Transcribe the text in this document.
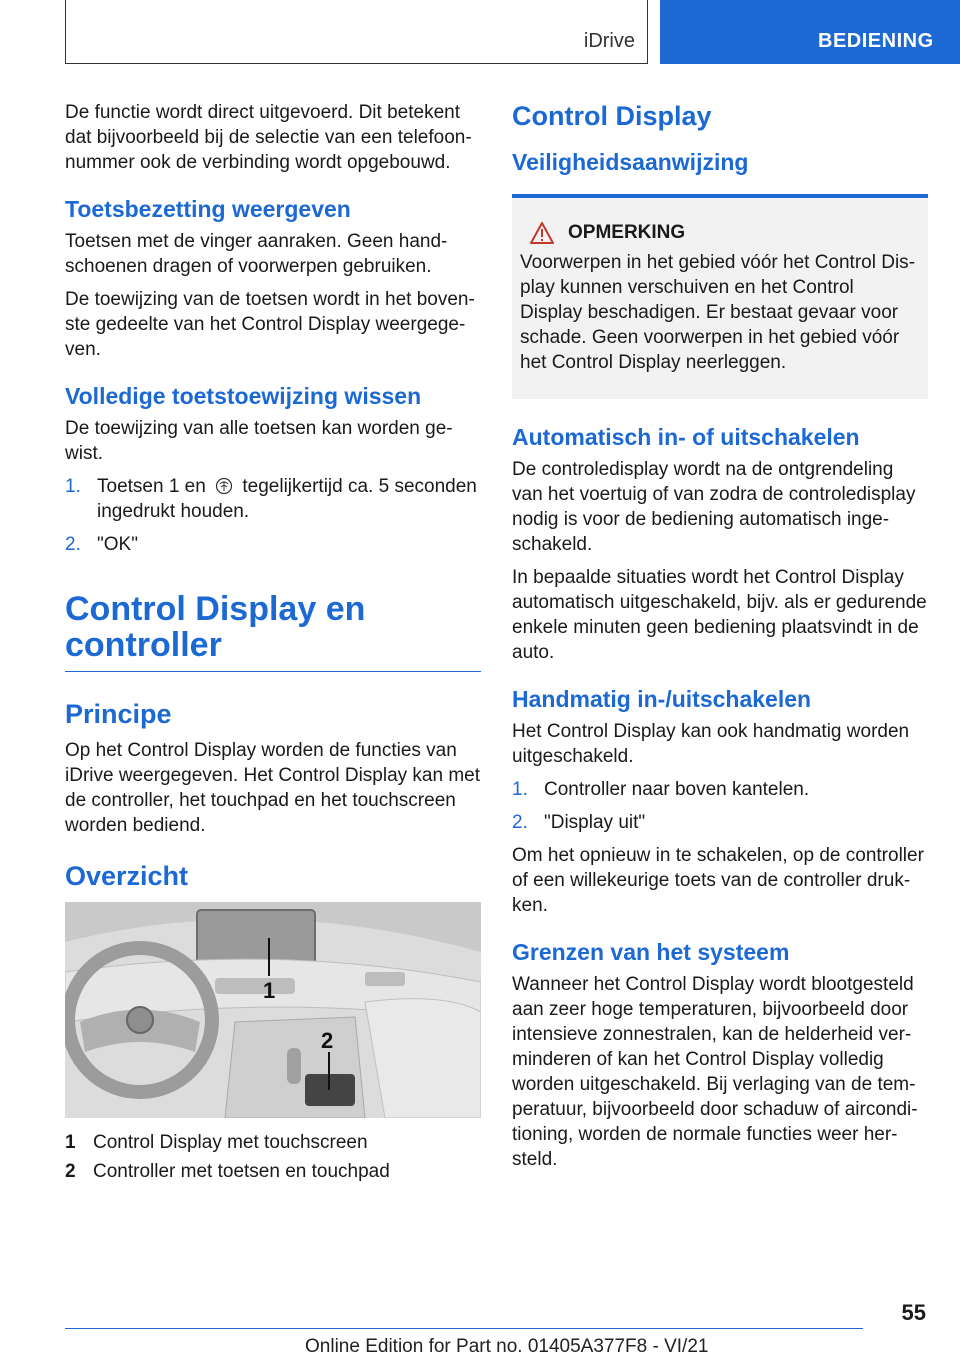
iDrive	BEDIENING

De functie wordt direct uitgevoerd. Dit betekent dat bijvoorbeeld bij de selectie van een telefoonnummer ook de verbinding wordt opgebouwd.

Toetsbezetting weergeven

Toetsen met de vinger aanraken. Geen handschoenen dragen of voorwerpen gebruiken.

De toewijzing van de toetsen wordt in het bovenste gedeelte van het Control Display weergegeven.

Volledige toetstoewijzing wissen

De toewijzing van alle toetsen kan worden gewist.

1. Toetsen 1 en tegelijkertijd ca. 5 seconden ingedrukt houden.
2. "OK"
Control Display en controller
Principe

Op het Control Display worden de functies van iDrive weergegeven. Het Control Display kan met de controller, het touchpad en het touchscreen worden bediend.

Overzicht
1
2
1 Control Display met touchscreen
2 Controller met toetsen en touchpad
Control Display
Veiligheidsaanwijzing
OPMERKING

Voorwerpen in het gebied vóór het Control Display kunnen verschuiven en het Control Display beschadigen. Er bestaat gevaar voor schade. Geen voorwerpen in het gebied vóór het Control Display neerleggen.

Automatisch in- of uitschakelen

De controledisplay wordt na de ontgrendeling van het voertuig of van zodra de controledisplay nodig is voor de bediening automatisch ingeschakeld.

In bepaalde situaties wordt het Control Display automatisch uitgeschakeld, bijv. als er gedurende enkele minuten geen bediening plaatsvindt in de auto.

Handmatig in-/uitschakelen

Het Control Display kan ook handmatig worden uitgeschakeld.

1. Controller naar boven kantelen.
2. "Display uit"

Om het opnieuw in te schakelen, op de controller of een willekeurige toets van de controller drukken.

Grenzen van het systeem

Wanneer het Control Display wordt blootgesteld aan zeer hoge temperaturen, bijvoorbeeld door intensieve zonnestralen, kan de helderheid verminderen of kan het Control Display volledig worden uitgeschakeld. Bij verlaging van de temperatuur, bijvoorbeeld door schaduw of airconditioning, worden de normale functies weer hersteld.

55
Online Edition for Part no. 01405A377F8 - VI/21
